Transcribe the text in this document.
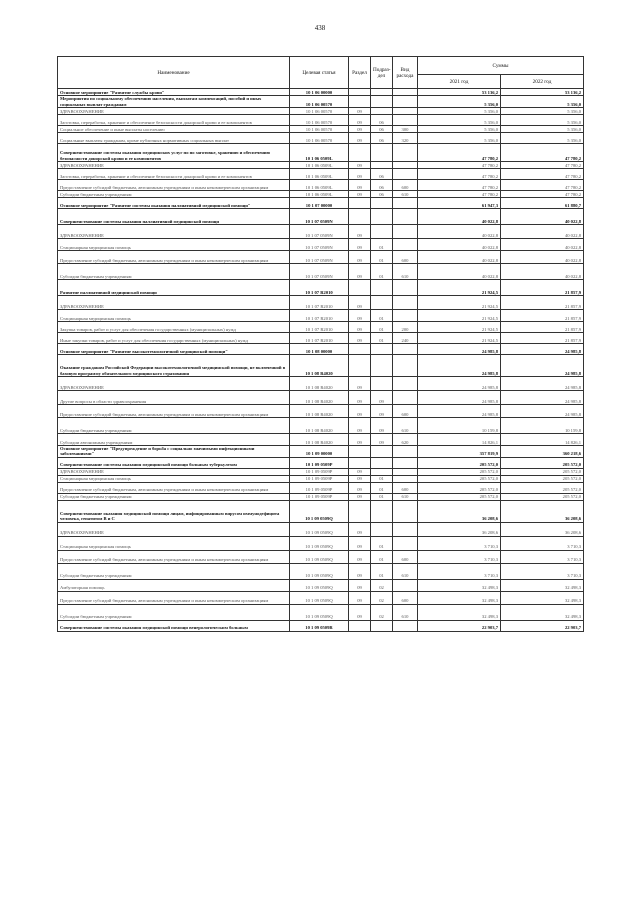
438
Наименование	Целевая статья	Раздел	Подраз- дел	Вид расхода	Суммы	
					2021 год	2022 год
Основное мероприятие "Развитие службы крови"	10 1 06 00000				53 136,2	53 136,2
Мероприятия по социальному обеспечению населения, выплатам компенсаций, пособий и иных социальных выплат гражданам	10 1 06 00570				5 356,0	5 356,0
ЗДРАВООХРАНЕНИЕ	10 1 06 00570	09			5 356,0	5 356,0
Заготовка, переработка, хранение и обеспечение безопасности донорской крови и ее компонентов	10 1 06 00570	09	06		5 356,0	5 356,0
Социальное обеспечение и иные выплаты населению	10 1 06 00570	09	06	300	5 356,0	5 356,0
Социальные выплаты гражданам, кроме публичных нормативных социальных выплат	10 1 06 00570	09	06	320	5 356,0	5 356,0
Совершенствование системы оказания медицинских услуг по по заготовке, хранению и обеспечению безопасности донорской крови и ее компонентов	10 1 06 0509L				47 780,2	47 780,2
ЗДРАВООХРАНЕНИЕ	10 1 06 0509L	09			47 780,2	47 780,2
Заготовка, переработка, хранение и обеспечение безопасности донорской крови и ее компонентов	10 1 06 0509L	09	06		47 780,2	47 780,2
Предоставление субсидий бюджетным, автономным учреждениям и иным некоммерческим организациям	10 1 06 0509L	09	06	600	47 780,2	47 780,2
Субсидии бюджетным учреждениям	10 1 06 0509L	09	06	610	47 780,2	47 780,2
Основное мероприятие "Развитие системы оказания паллиативной медицинской помощи"	10 1 07 00000				61 947,3	61 880,7
Совершенствование системы оказания паллиативной медицинской помощи	10 1 07 0509N				40 022,8	40 022,8
ЗДРАВООХРАНЕНИЕ	10 1 07 0509N	09			40 022,8	40 022,8
Стационарная медицинская помощь	10 1 07 0509N	09	01		40 022,8	40 022,8
Предоставление субсидий бюджетным, автономным учреждениям и иным некоммерческим организациям	10 1 07 0509N	09	01	600	40 022,8	40 022,8
Субсидии бюджетным учреждениям	10 1 07 0509N	09	01	610	40 022,8	40 022,8
Развитие паллиативной медицинской помощи	10 1 07 R2010				21 924,5	21 857,9
ЗДРАВООХРАНЕНИЕ	10 1 07 R2010	09			21 924,5	21 857,9
Стационарная медицинская помощь	10 1 07 R2010	09	01		21 924,5	21 857,9
Закупка товаров, работ и услуг для обеспечения государственных (муниципальных) нужд	10 1 07 R2010	09	01	200	21 924,5	21 857,9
Иные закупки товаров, работ и услуг для обеспечения государственных (муниципальных) нужд	10 1 07 R2010	09	01	240	21 924,5	21 857,9
Основное мероприятие "Развитие высокотехнологичной медицинской помощи"	10 1 08 00000				24 985,8	24 985,8
Оказание гражданам Российской Федерации высокотехнологичной медицинской помощи, не включенной в базовую программу обязательного медицинского страхования	10 1 08 R4020				24 985,8	24 985,8
ЗДРАВООХРАНЕНИЕ	10 1 08 R4020	09			24 985,8	24 985,8
Другие вопросы в области здравоохранения	10 1 08 R4020	09	09		24 985,8	24 985,8
Предоставление субсидий бюджетным, автономным учреждениям и иным некоммерческим организациям	10 1 08 R4020	09	09	600	24 985,8	24 985,8
Субсидии бюджетным учреждениям	10 1 08 R4020	09	09	610	10 159,8	10 159,8
Субсидии автономным учреждениям	10 1 08 R4020	09	09	620	14 826,1	14 826,1
Основное мероприятие "Предупреждение и борьба с социально значимыми инфекционными заболеваниями"	10 1 09 00000				357 819,9	360 218,6
Совершенствование системы оказания медицинской помощи больным туберкулезом	10 1 09 0509P				205 572,0	205 572,0
ЗДРАВООХРАНЕНИЕ	10 1 09 0509P	09			205 572,0	205 572,0
Стационарная медицинская помощь	10 1 09 0509P	09	01		205 572,0	205 572,0
Предоставление субсидий бюджетным, автономным учреждениям и иным некоммерческим организациям	10 1 09 0509P	09	01	600	205 572,0	205 572,0
Субсидии бюджетным учреждениям	10 1 09 0509P	09	01	610	205 572,0	205 572,0
Совершенствование оказания медицинской помощи лицам, инфицированным вирусом иммунодефицита человека, гепатитом В и С	10 1 09 0509Q				36 208,6	36 208,6
ЗДРАВООХРАНЕНИЕ	10 1 09 0509Q	09			36 208,6	36 208,6
Стационарная медицинская помощь	10 1 09 0509Q	09	01		3 710,3	3 710,3
Предоставление субсидий бюджетным, автономным учреждениям и иным некоммерческим организациям	10 1 09 0509Q	09	01	600	3 710,3	3 710,3
Субсидии бюджетным учреждениям	10 1 09 0509Q	09	01	610	3 710,3	3 710,3
Амбулаторная помощь	10 1 09 0509Q	09	02		32 498,3	32 498,3
Предоставление субсидий бюджетным, автономным учреждениям и иным некоммерческим организациям	10 1 09 0509Q	09	02	600	32 498,3	32 498,3
Субсидии бюджетным учреждениям	10 1 09 0509Q	09	02	610	32 498,3	32 498,3
Совершенствование системы оказания медицинской помощи венерологическим больным	10 1 09 0509R				22 903,7	22 903,7
